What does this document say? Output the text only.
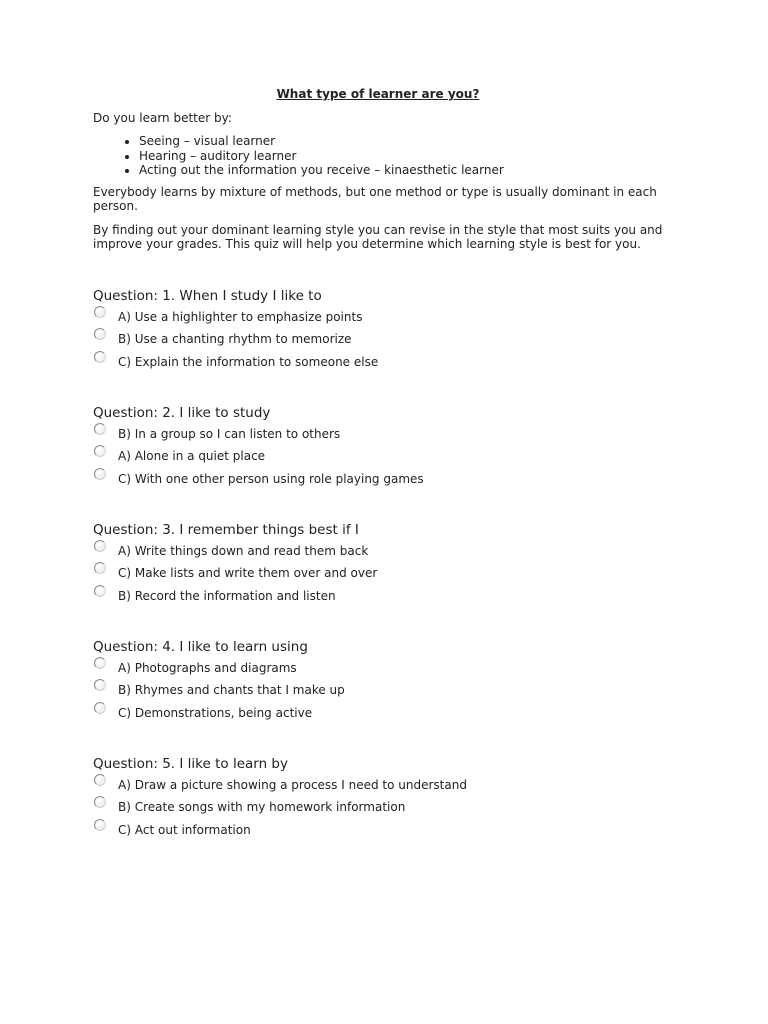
What type of learner are you?
Do you learn better by:
• Seeing – visual learner
• Hearing – auditory learner
• Acting out the information you receive – kinaesthetic learner

Everybody learns by mixture of methods, but one method or type is usually dominant in each person.

By finding out your dominant learning style you can revise in the style that most suits you and improve your grades. This quiz will help you determine which learning style is best for you.

Question: 1. When I study I like to
A) Use a highlighter to emphasize points
B) Use a chanting rhythm to memorize
C) Explain the information to someone else
Question: 2. I like to study
B) In a group so I can listen to others
A) Alone in a quiet place
C) With one other person using role playing games
Question: 3. I remember things best if I
A) Write things down and read them back
C) Make lists and write them over and over
B) Record the information and listen
Question: 4. I like to learn using
A) Photographs and diagrams
B) Rhymes and chants that I make up
C) Demonstrations, being active
Question: 5. I like to learn by
A) Draw a picture showing a process I need to understand
B) Create songs with my homework information
C) Act out information
